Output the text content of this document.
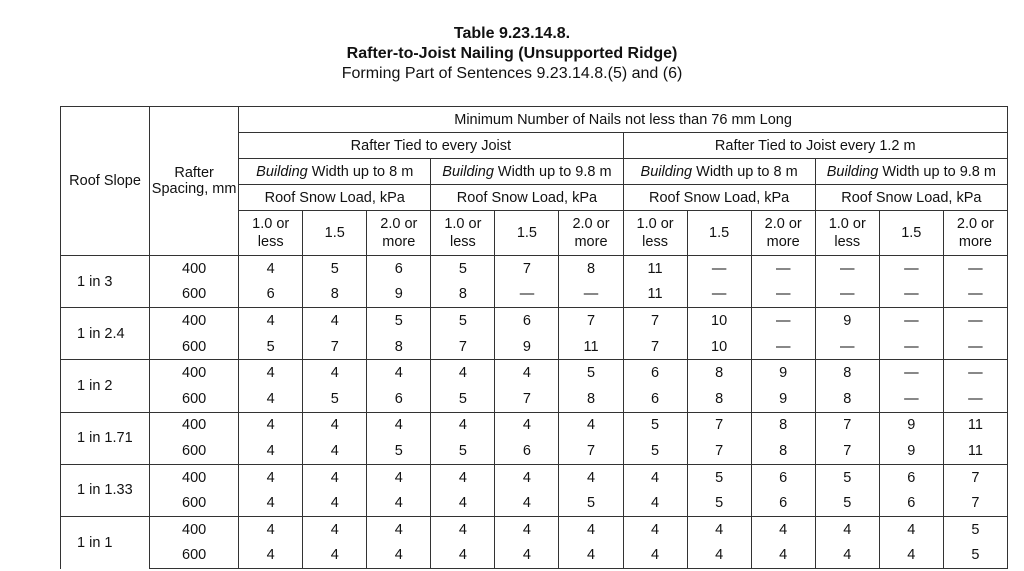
Table 9.23.14.8.
Rafter-to-Joist Nailing (Unsupported Ridge)
Forming Part of Sentences 9.23.14.8.(5) and (6)
Roof Slope	Rafter Spacing, mm	Minimum Number of Nails not less than 76 mm Long											
		Rafter Tied to every Joist						Rafter Tied to Joist every 1.2 m					
		Building Width up to 8 m			Building Width up to 9.8 m			Building Width up to 8 m			Building Width up to 9.8 m		
		Roof Snow Load, kPa			Roof Snow Load, kPa			Roof Snow Load, kPa			Roof Snow Load, kPa		
		1.0 or less	1.5	2.0 or more	1.0 or less	1.5	2.0 or more	1.0 or less	1.5	2.0 or more	1.0 or less	1.5	2.0 or more

1 in 3	400	4	5	6	5	7	8	11	—	—	—	—	—
	600	6	8	9	8	—	—	11	—	—	—	—	—

1 in 2.4	400	4	4	5	5	6	7	7	10	—	9	—	—
	600	5	7	8	7	9	11	7	10	—	—	—	—

1 in 2	400	4	4	4	4	4	5	6	8	9	8	—	—
	600	4	5	6	5	7	8	6	8	9	8	—	—

1 in 1.71	400	4	4	4	4	4	4	5	7	8	7	9	11
	600	4	4	5	5	6	7	5	7	8	7	9	11

1 in 1.33	400	4	4	4	4	4	4	4	5	6	5	6	7
	600	4	4	4	4	4	5	4	5	6	5	6	7

1 in 1	400	4	4	4	4	4	4	4	4	4	4	4	5
	600	4	4	4	4	4	4	4	4	4	4	4	5
